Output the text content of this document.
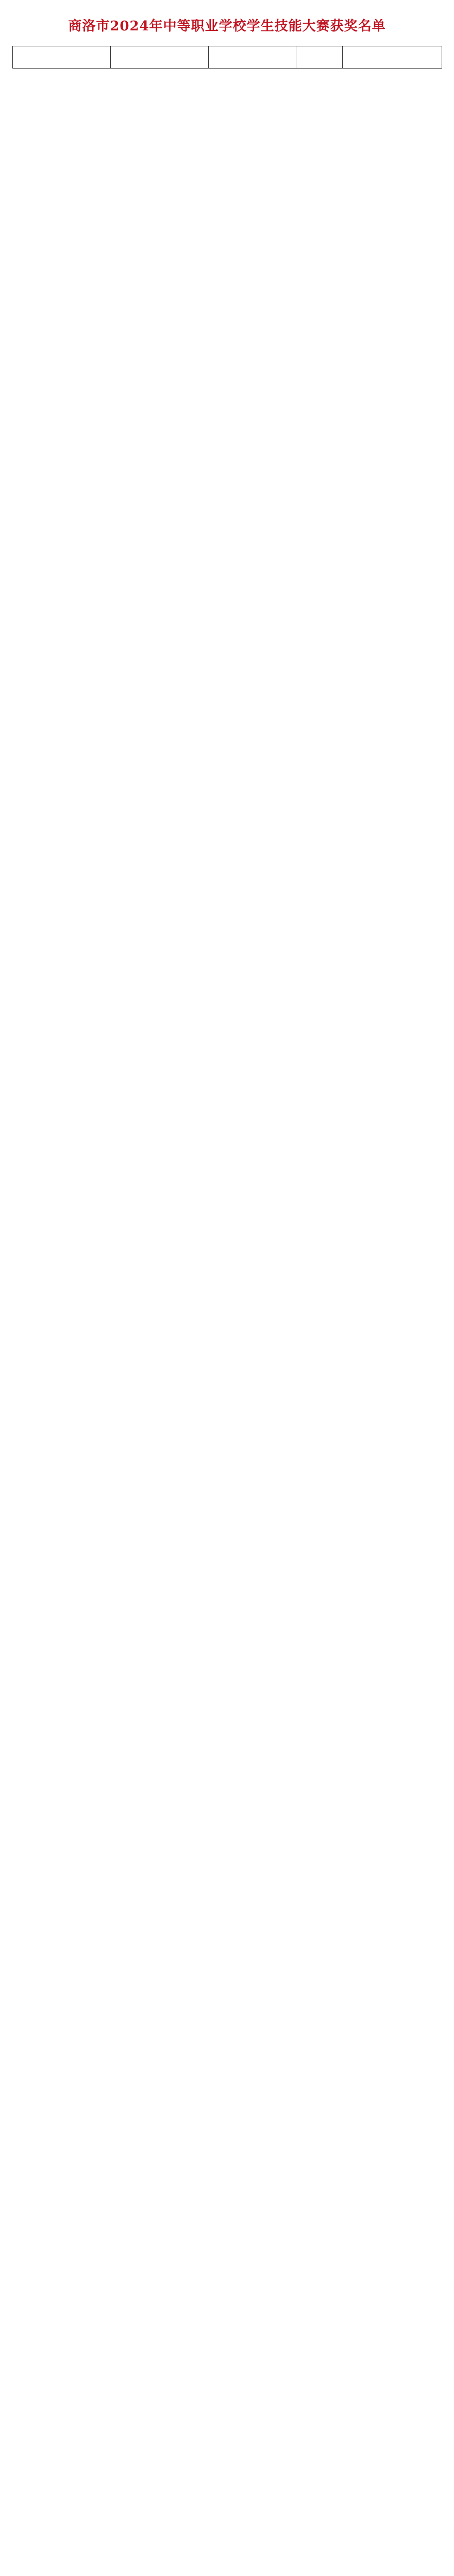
商洛市2024年中等职业学校学生技能大赛获奖名单
